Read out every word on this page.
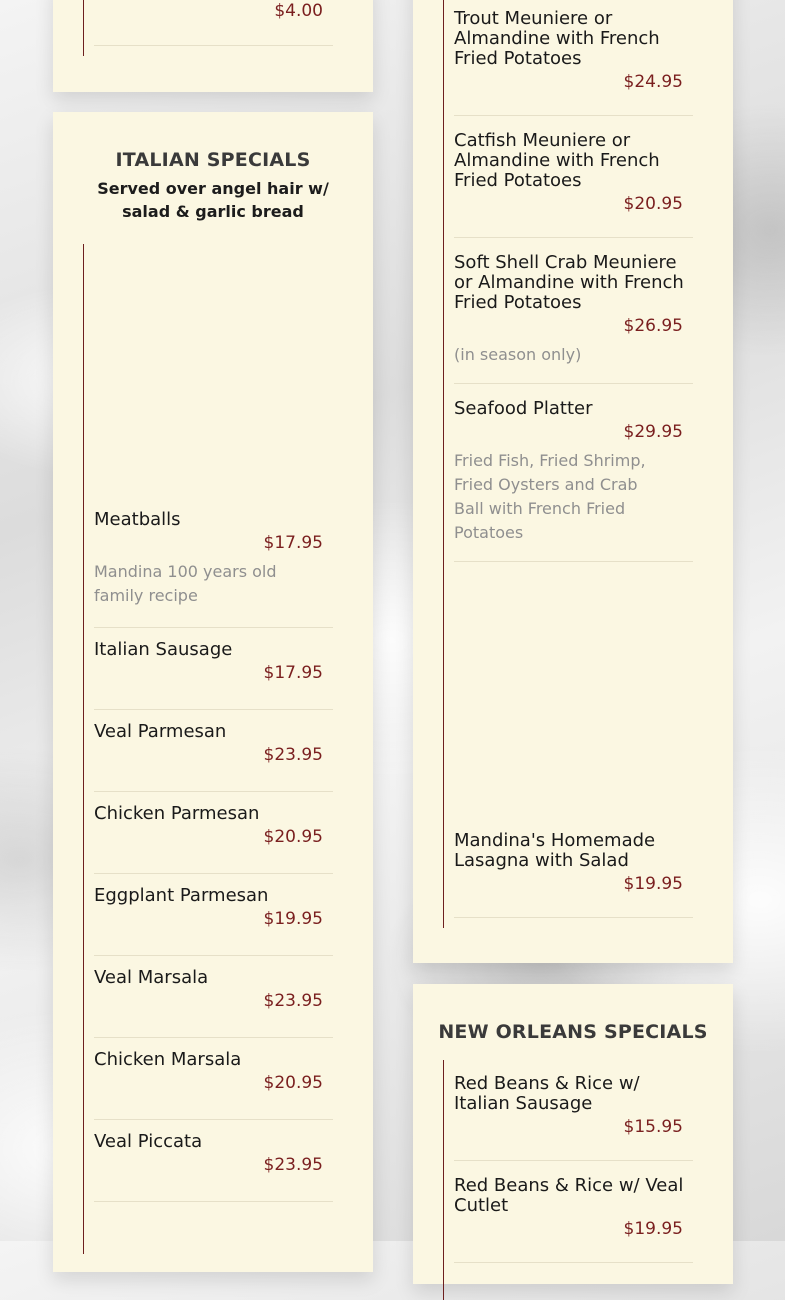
$4.00
ITALIAN SPECIALS
Served over angel hair w/ salad & garlic bread
Meatballs
$17.95
Mandina 100 years old family recipe
Italian Sausage
$17.95
Veal Parmesan
$23.95
Chicken Parmesan
$20.95
Eggplant Parmesan
$19.95
Veal Marsala
$23.95
Chicken Marsala
$20.95
Veal Piccata
$23.95
Trout Meuniere or Almandine with French Fried Potatoes
$24.95
Catfish Meuniere or Almandine with French Fried Potatoes
$20.95
Soft Shell Crab Meuniere or Almandine with French Fried Potatoes
$26.95
(in season only)
Seafood Platter
$29.95
Fried Fish, Fried Shrimp, Fried Oysters and Crab Ball with French Fried Potatoes
Mandina's Homemade Lasagna with Salad
$19.95
NEW ORLEANS SPECIALS
Red Beans & Rice w/ Italian Sausage
$15.95
Red Beans & Rice w/ Veal Cutlet
$19.95
